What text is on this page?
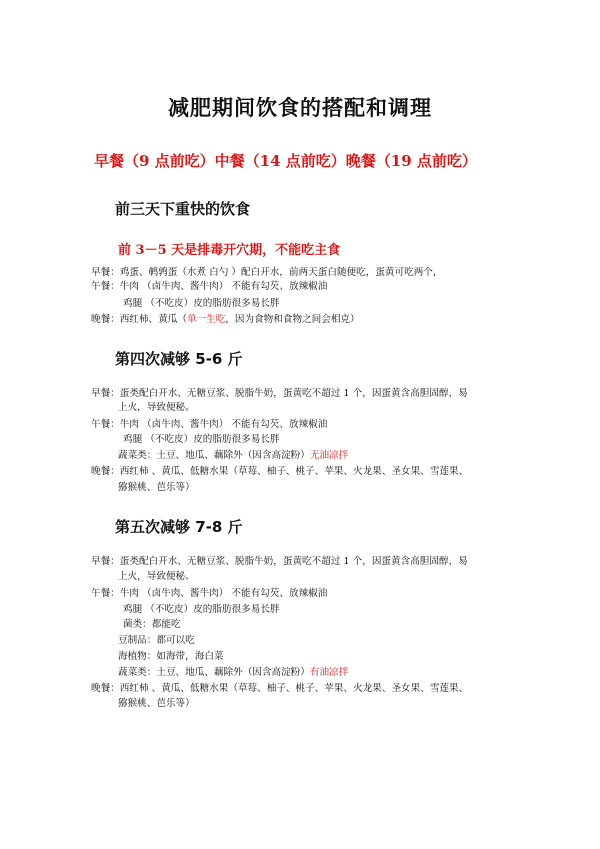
减肥期间饮食的搭配和调理
早餐（9 点前吃）中餐（14 点前吃）晚餐（19 点前吃）
前三天下重快的饮食
前 3－5 天是排毒开穴期，不能吃主食
早餐：鸡蛋、鹌鹑蛋（水煮 白勺 ）配白开水，前两天蛋白随便吃，蛋黄可吃两个，
午餐：牛肉 （卤牛肉、酱牛肉） 不能有勾芡、放辣椒油
鸡腿 （不吃皮）皮的脂肪很多易长胖
晚餐：西红柿、黄瓜（单一生吃，因为食物和食物之间会相克）
第四次减够 5-6 斤
早餐：蛋类配白开水、无糖豆浆、脱脂牛奶，蛋黄吃不超过 1 个，因蛋黄含高胆固醇，易
上火，导致便秘。
午餐：牛肉 （卤牛肉、酱牛肉） 不能有勾芡、放辣椒油
鸡腿 （不吃皮）皮的脂肪很多易长胖
蔬菜类：土豆、地瓜、藕除外（因含高淀粉）无油凉拌
晚餐：西红柿 、黄瓜、低糖水果（草莓、柚子、桃子、苹果、火龙果、圣女果、雪莲果、
猕猴桃、芭乐等）
第五次减够 7-8 斤
早餐：蛋类配白开水、无糖豆浆、脱脂牛奶，蛋黄吃不超过 1 个，因蛋黄含高胆固醇，易
上火，导致便秘。
午餐：牛肉 （卤牛肉、酱牛肉） 不能有勾芡、放辣椒油
鸡腿 （不吃皮）皮的脂肪很多易长胖
菌类：都能吃
豆制品：都可以吃
海植物：如海带，海白菜
蔬菜类：土豆、地瓜、藕除外（因含高淀粉）有油凉拌
晚餐：西红柿 、黄瓜、低糖水果（草莓、柚子、桃子、苹果、火龙果、圣女果、雪莲果、
猕猴桃、芭乐等）
